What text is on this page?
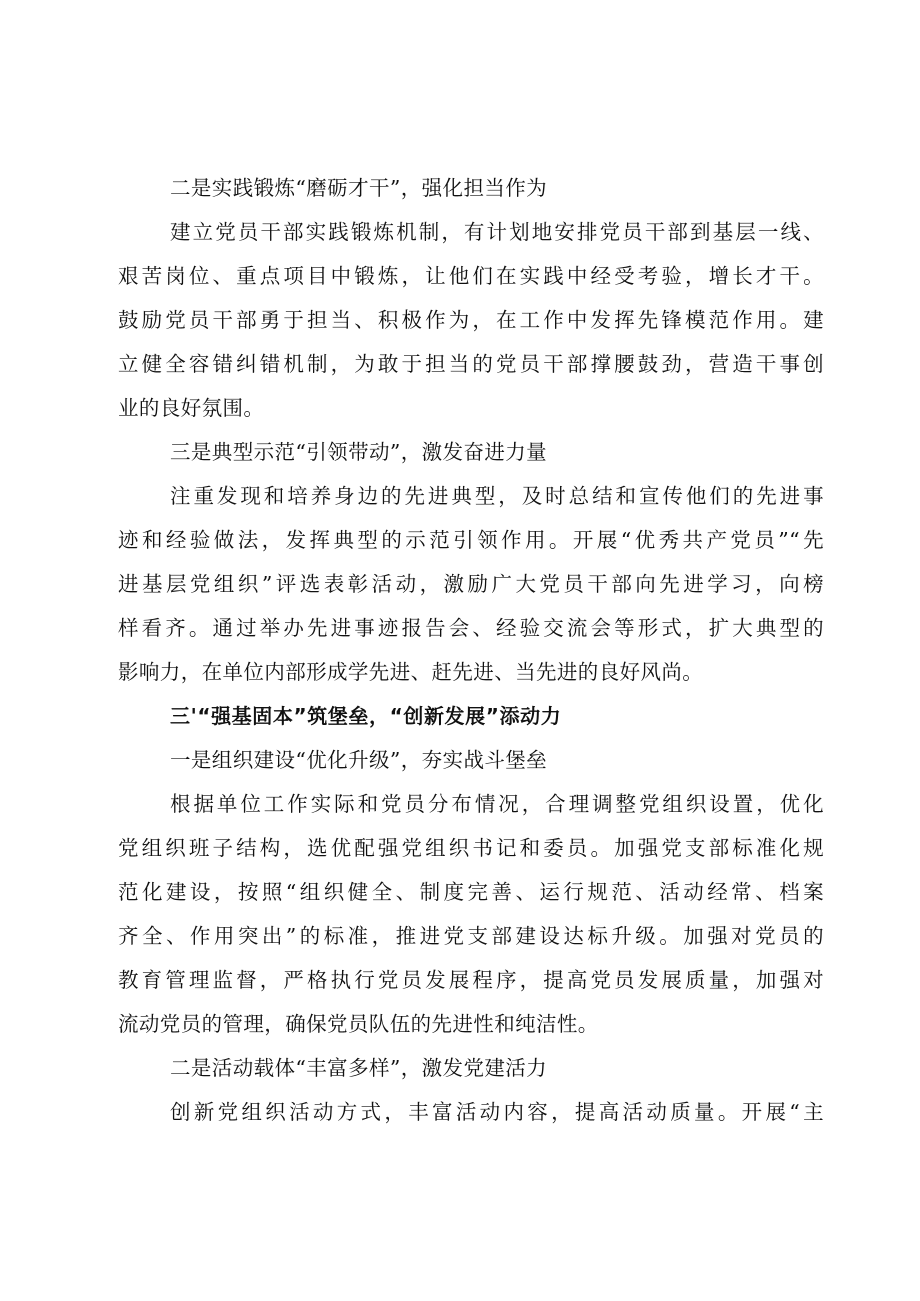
二是实践锻炼“磨砺才干”，强化担当作为
建立党员干部实践锻炼机制，有计划地安排党员干部到基层一线、
艰苦岗位、重点项目中锻炼，让他们在实践中经受考验，增长才干。
鼓励党员干部勇于担当、积极作为，在工作中发挥先锋模范作用。建
立健全容错纠错机制，为敢于担当的党员干部撑腰鼓劲，营造干事创
业的良好氛围。
三是典型示范“引领带动”，激发奋进力量
注重发现和培养身边的先进典型，及时总结和宣传他们的先进事
迹和经验做法，发挥典型的示范引领作用。开展“优秀共产党员”“先
进基层党组织”评选表彰活动，激励广大党员干部向先进学习，向榜
样看齐。通过举办先进事迹报告会、经验交流会等形式，扩大典型的
影响力，在单位内部形成学先进、赶先进、当先进的良好风尚。
三'“强基固本”筑堡垒，“创新发展”添动力
一是组织建设“优化升级”，夯实战斗堡垒
根据单位工作实际和党员分布情况，合理调整党组织设置，优化
党组织班子结构，选优配强党组织书记和委员。加强党支部标准化规
范化建设，按照“组织健全、制度完善、运行规范、活动经常、档案
齐全、作用突出”的标准，推进党支部建设达标升级。加强对党员的
教育管理监督，严格执行党员发展程序，提高党员发展质量，加强对
流动党员的管理，确保党员队伍的先进性和纯洁性。
二是活动载体“丰富多样”，激发党建活力
创新党组织活动方式，丰富活动内容，提高活动质量。开展“主
